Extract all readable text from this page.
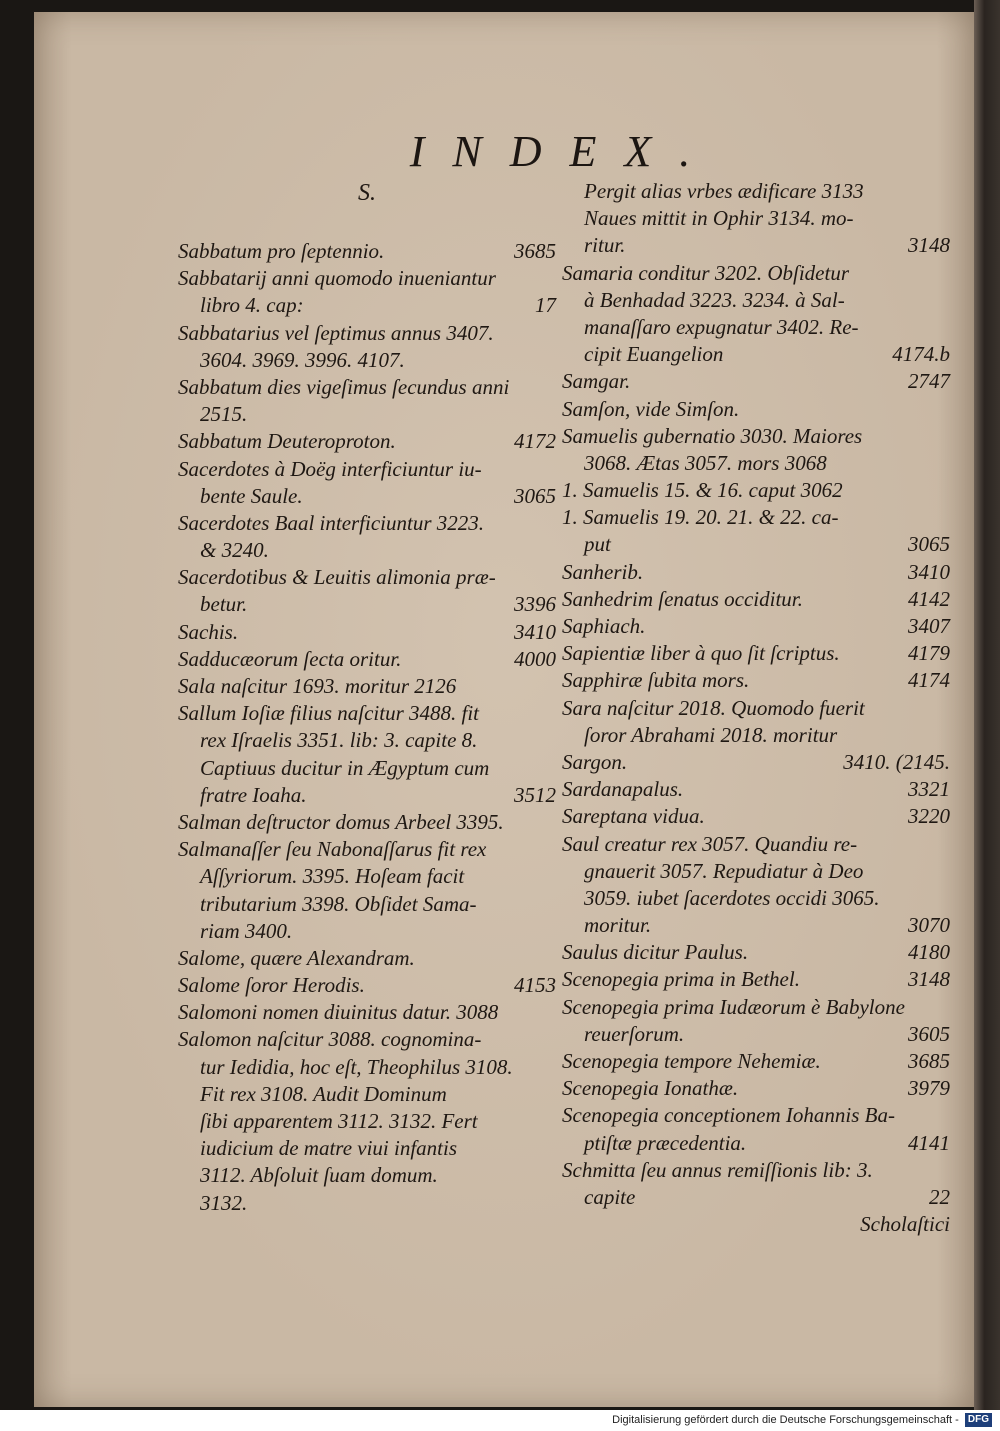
INDEX.
S.
Sabbatum pro ſeptennio.	3685
Sabbatarij anni quomodo inueniantur
libro 4. cap:	17
Sabbatarius vel ſeptimus annus 3407.
3604. 3969. 3996. 4107.
Sabbatum dies vigeſimus ſecundus anni
2515.
Sabbatum Deuteroproton.	4172
Sacerdotes à Doëg interficiuntur iu-
bente Saule.	3065
Sacerdotes Baal interficiuntur 3223.
& 3240.
Sacerdotibus & Leuitis alimonia præ-
betur.	3396
Sachis.	3410
Sadducæorum ſecta oritur.	4000
Sala naſcitur 1693. moritur 2126
Sallum Ioſiæ filius naſcitur 3488. fit
rex Iſraelis 3351. lib: 3. capite 8.
Captiuus ducitur in Ægyptum cum
fratre Ioaha.	3512
Salman deſtructor domus Arbeel 3395.
Salmanaſſer ſeu Nabonaſſarus fit rex
Aſſyriorum. 3395. Hoſeam facit
tributarium 3398. Obſidet Sama-
riam 3400.
Salome, quære Alexandram.
Salome ſoror Herodis.	4153
Salomoni nomen diuinitus datur. 3088
Salomon naſcitur 3088. cognomina-
tur Iedidia, hoc eſt, Theophilus 3108.
Fit rex 3108. Audit Dominum
ſibi apparentem 3112. 3132. Fert
iudicium de matre viui infantis
3112. Abſoluit ſuam domum.
3132.
Pergit alias vrbes ædificare 3133
Naues mittit in Ophir 3134. mo-
ritur.	3148
Samaria conditur 3202. Obſidetur
à Benhadad 3223. 3234. à Sal-
manaſſaro expugnatur 3402. Re-
cipit Euangelion	4174.b
Samgar.	2747
Samſon, vide Simſon.
Samuelis gubernatio 3030. Maiores
3068. Ætas 3057. mors 3068
1. Samuelis 15. & 16. caput 3062
1. Samuelis 19. 20. 21. & 22. ca-
put	3065
Sanherib.	3410
Sanhedrim ſenatus occiditur.	4142
Saphiach.	3407
Sapientiæ liber à quo ſit ſcriptus.	4179
Sapphiræ ſubita mors.	4174
Sara naſcitur 2018. Quomodo fuerit
ſoror Abrahami 2018. moritur
Sargon.	3410. (2145.
Sardanapalus.	3321
Sareptana vidua.	3220
Saul creatur rex 3057. Quandiu re-
gnauerit 3057. Repudiatur à Deo
3059. iubet ſacerdotes occidi 3065.
moritur.	3070
Saulus dicitur Paulus.	4180
Scenopegia prima in Bethel.	3148
Scenopegia prima Iudæorum è Babylone
reuerſorum.	3605
Scenopegia tempore Nehemiæ.	3685
Scenopegia Ionathæ.	3979
Scenopegia conceptionem Iohannis Ba-
ptiſtæ præcedentia.	4141
Schmitta ſeu annus remiſſionis lib: 3.
capite	22
Scholaſtici
Digitalisierung gefördert durch die Deutsche Forschungsgemeinschaft - DFG
